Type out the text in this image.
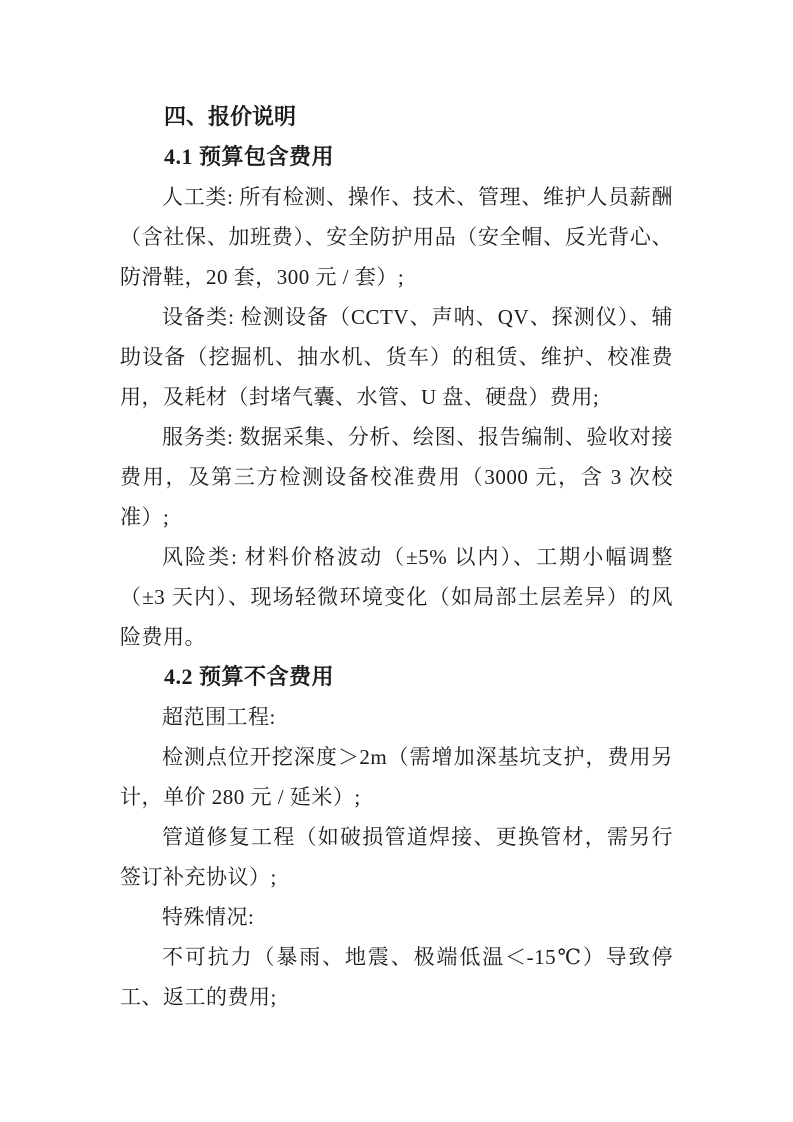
四、报价说明
4.1 预算包含费用

人工类: 所有检测、操作、技术、管理、维护人员薪酬（含社保、加班费）、安全防护用品（安全帽、反光背心、防滑鞋，20 套，300 元 / 套）;

设备类: 检测设备（CCTV、声呐、QV、探测仪）、辅助设备（挖掘机、抽水机、货车）的租赁、维护、校准费用，及耗材（封堵气囊、水管、U 盘、硬盘）费用;

服务类: 数据采集、分析、绘图、报告编制、验收对接费用，及第三方检测设备校准费用（3000 元，含 3 次校准）;

风险类: 材料价格波动（±5% 以内）、工期小幅调整（±3 天内）、现场轻微环境变化（如局部土层差异）的风险费用。

4.2 预算不含费用

超范围工程:

检测点位开挖深度＞2m（需增加深基坑支护，费用另计，单价 280 元 / 延米）;

管道修复工程（如破损管道焊接、更换管材，需另行签订补充协议）;

特殊情况:

不可抗力（暴雨、地震、极端低温＜-15℃）导致停工、返工的费用;
